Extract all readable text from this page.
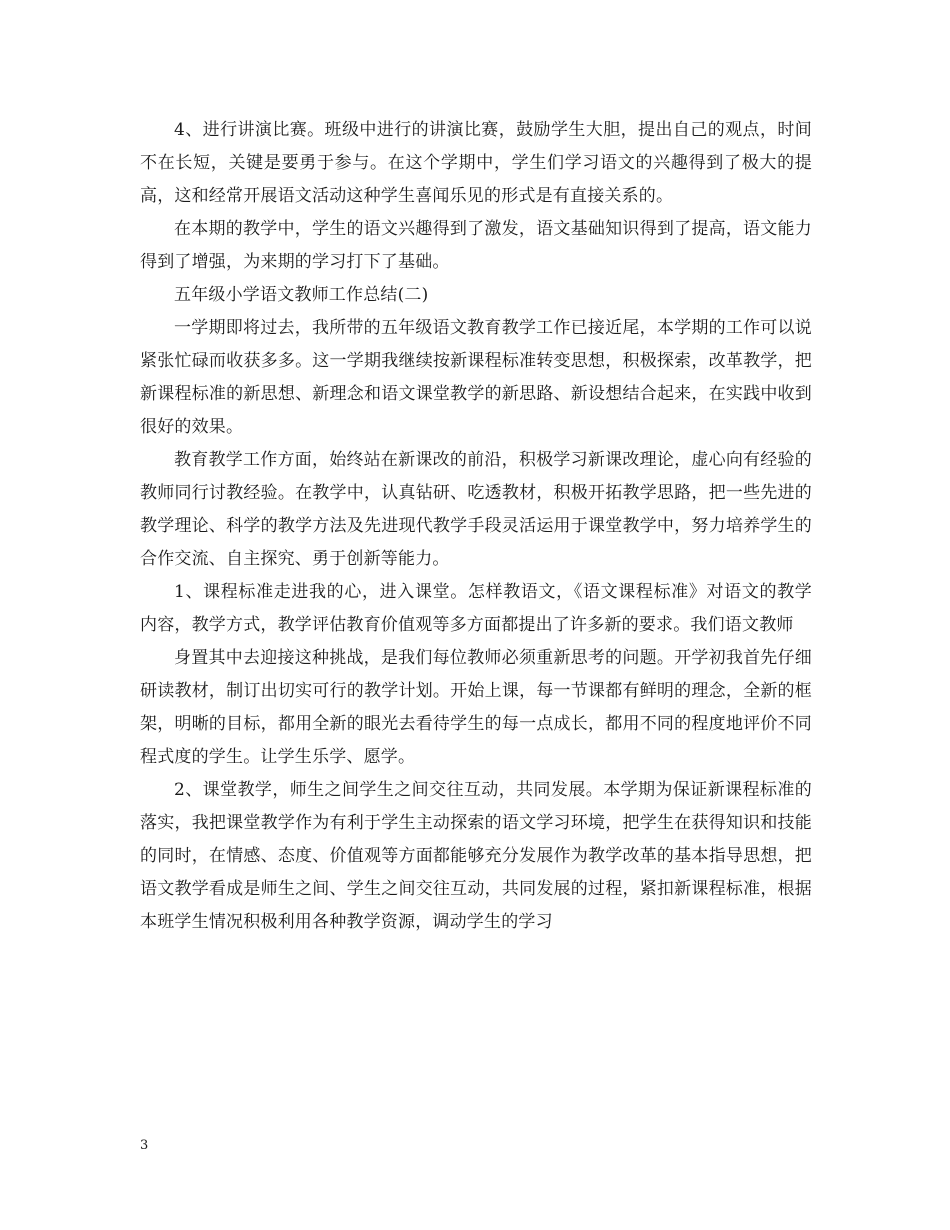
4、进行讲演比赛。班级中进行的讲演比赛，鼓励学生大胆，提出自己的观点，时间不在长短，关键是要勇于参与。在这个学期中，学生们学习语文的兴趣得到了极大的提高，这和经常开展语文活动这种学生喜闻乐见的形式是有直接关系的。

在本期的教学中，学生的语文兴趣得到了激发，语文基础知识得到了提高，语文能力得到了增强，为来期的学习打下了基础。

五年级小学语文教师工作总结(二)

一学期即将过去，我所带的五年级语文教育教学工作已接近尾，本学期的工作可以说紧张忙碌而收获多多。这一学期我继续按新课程标准转变思想，积极探索，改革教学，把新课程标准的新思想、新理念和语文课堂教学的新思路、新设想结合起来，在实践中收到很好的效果。

教育教学工作方面，始终站在新课改的前沿，积极学习新课改理论，虚心向有经验的教师同行讨教经验。在教学中，认真钻研、吃透教材，积极开拓教学思路，把一些先进的教学理论、科学的教学方法及先进现代教学手段灵活运用于课堂教学中，努力培养学生的合作交流、自主探究、勇于创新等能力。

1、课程标准走进我的心，进入课堂。怎样教语文，《语文课程标准》对语文的教学内容，教学方式，教学评估教育价值观等多方面都提出了许多新的要求。我们语文教师

身置其中去迎接这种挑战，是我们每位教师必须重新思考的问题。开学初我首先仔细研读教材，制订出切实可行的教学计划。开始上课，每一节课都有鲜明的理念，全新的框架，明晰的目标，都用全新的眼光去看待学生的每一点成长，都用不同的程度地评价不同程式度的学生。让学生乐学、愿学。

2、课堂教学，师生之间学生之间交往互动，共同发展。本学期为保证新课程标准的落实，我把课堂教学作为有利于学生主动探索的语文学习环境，把学生在获得知识和技能的同时，在情感、态度、价值观等方面都能够充分发展作为教学改革的基本指导思想，把语文教学看成是师生之间、学生之间交往互动，共同发展的过程，紧扣新课程标准，根据本班学生情况积极利用各种教学资源，调动学生的学习

3
